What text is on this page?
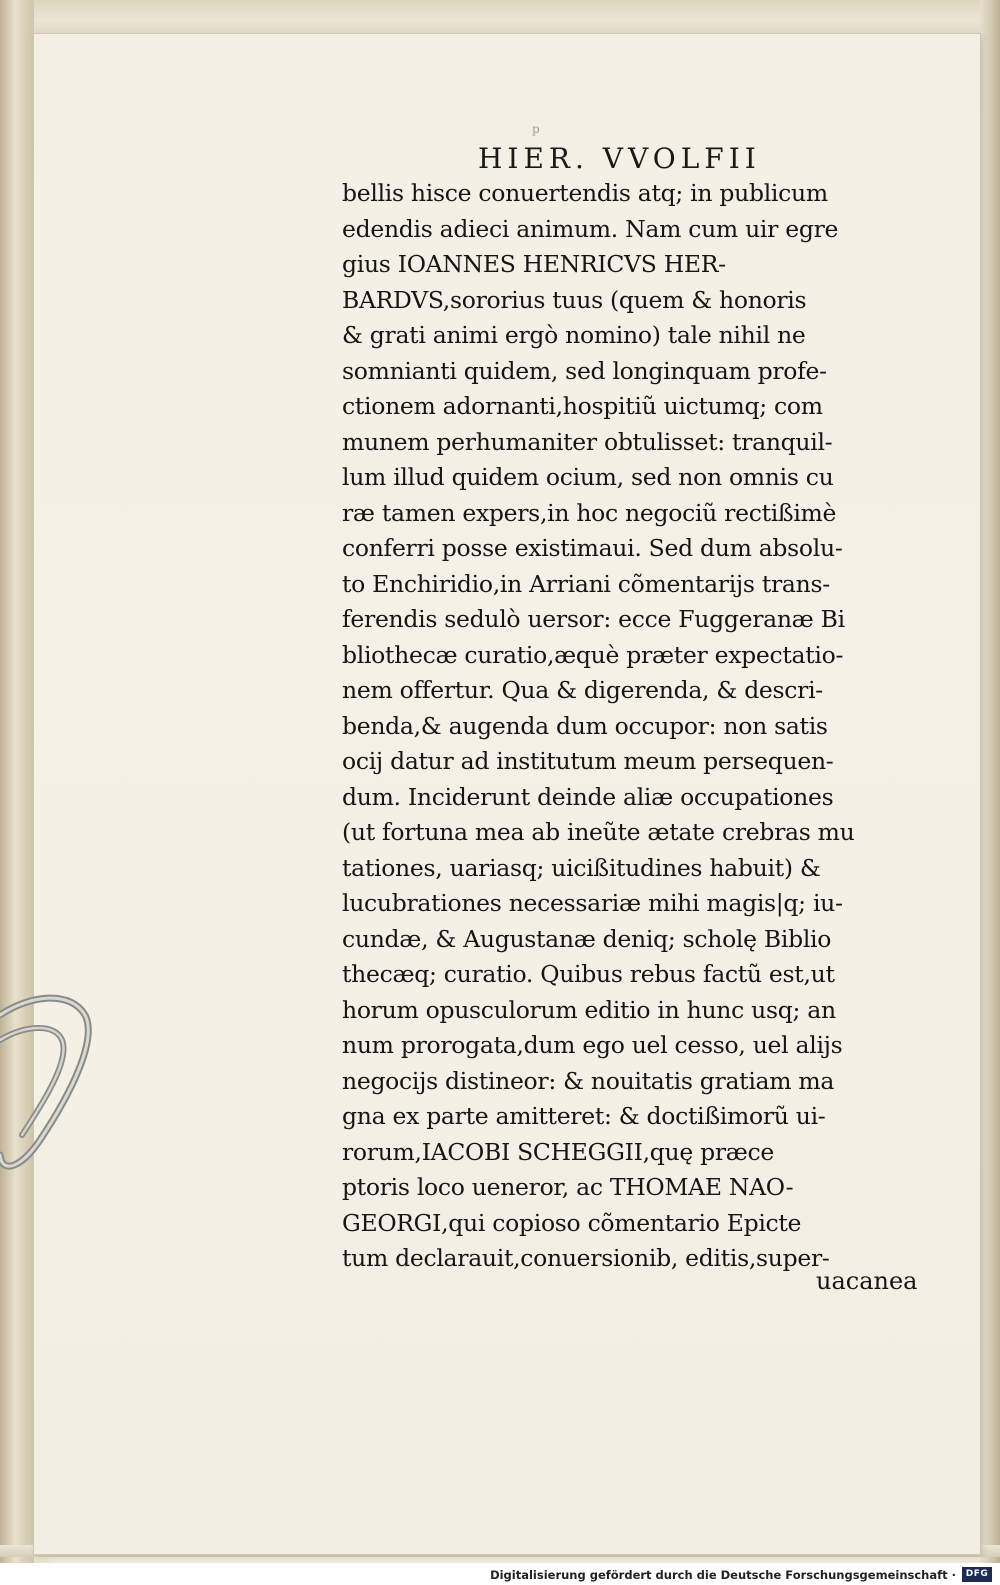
p
HIER. VVOLFII
bellis hisce conuertendis atq; in publicum
edendis adieci animum. Nam cum uir egre
gius IOANNES HENRICVS HER-
BARDVS,sororius tuus (quem & honoris
& grati animi ergò nomino) tale nihil ne
somnianti quidem, sed longinquam profe-
ctionem adornanti,hospitiũ uictumq; com
munem perhumaniter obtulisset: tranquil-
lum illud quidem ocium, sed non omnis cu
ræ tamen expers,in hoc negociũ rectißimè
conferri posse existimaui. Sed dum absolu-
to Enchiridio,in Arriani cõmentarijs trans-
ferendis sedulò uersor: ecce Fuggeranæ Bi
bliothecæ curatio,æquè præter expectatio-
nem offertur. Qua & digerenda, & descri-
benda,& augenda dum occupor: non satis
ocij datur ad institutum meum persequen-
dum. Inciderunt deinde aliæ occupationes
(ut fortuna mea ab ineũte ætate crebras mu
tationes, uariasq; uicißitudines habuit) &
lucubrationes necessariæ mihi magis|q; iu-
cundæ, & Augustanæ deniq; scholę Biblio
thecæq; curatio. Quibus rebus factũ est,ut
horum opusculorum editio in hunc usq; an
num prorogata,dum ego uel cesso, uel alijs
negocijs distineor: & nouitatis gratiam ma
gna ex parte amitteret: & doctißimorũ ui-
rorum,IACOBI SCHEGGII,quę præce
ptoris loco ueneror, ac THOMAE NAO-
GEORGI,qui copioso cõmentario Epicte
tum declarauit,conuersionib, editis,super-
uacanea
Digitalisierung gefördert durch die Deutsche Forschungsgemeinschaft ·	DFG
